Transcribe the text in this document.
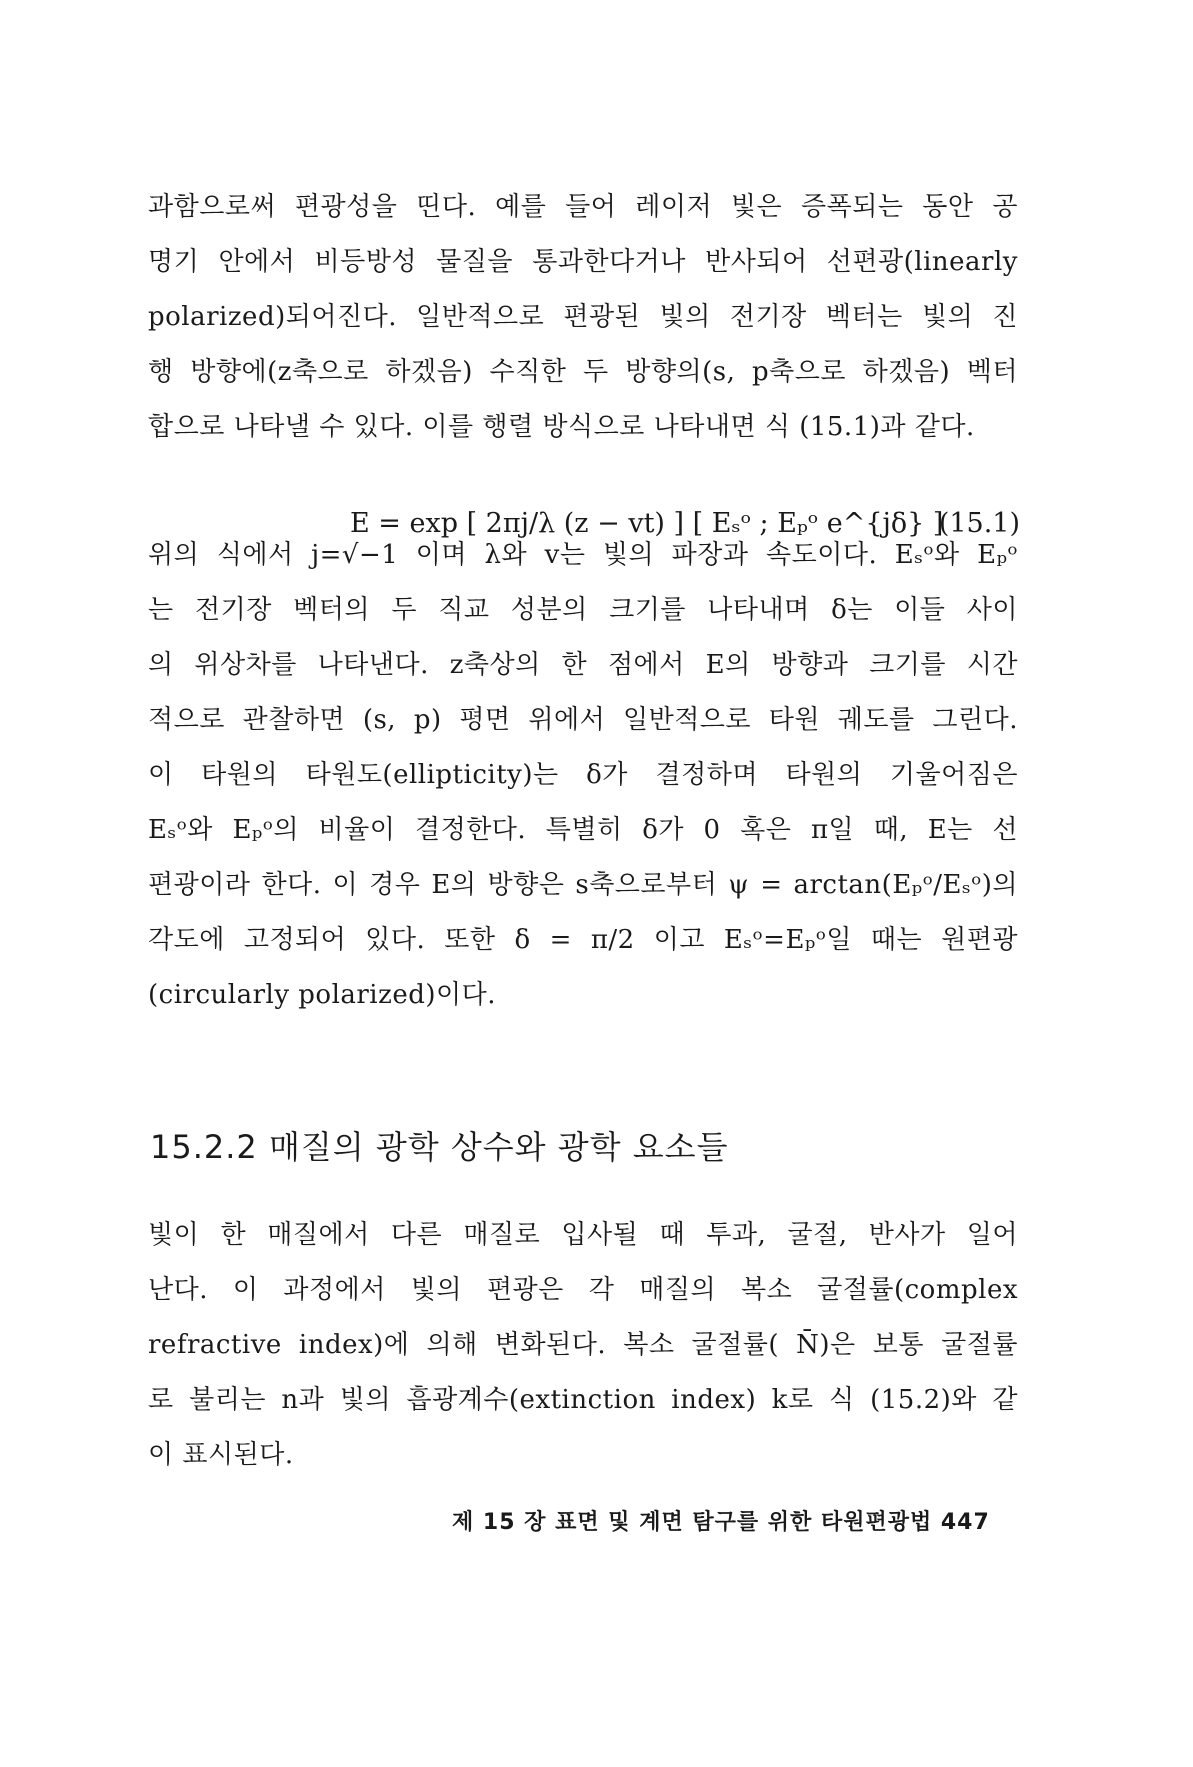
과함으로써 편광성을 띤다. 예를 들어 레이저 빛은 증폭되는 동안 공
명기 안에서 비등방성 물질을 통과한다거나 반사되어 선편광(linearly
polarized)되어진다. 일반적으로 편광된 빛의 전기장 벡터는 빛의 진
행 방향에(z축으로 하겠음) 수직한 두 방향의(s, p축으로 하겠음) 벡터
합으로 나타낼 수 있다. 이를 행렬 방식으로 나타내면 식 (15.1)과 같다.
E = exp [ 2πj/λ (z − vt) ] [ Eₛᵒ ; Eₚᵒ e^{jδ} ]
(15.1)
위의 식에서 j=√−1 이며 λ와 v는 빛의 파장과 속도이다. Eₛᵒ와 Eₚᵒ
는 전기장 벡터의 두 직교 성분의 크기를 나타내며 δ는 이들 사이
의 위상차를 나타낸다. z축상의 한 점에서 E의 방향과 크기를 시간
적으로 관찰하면 (s, p) 평면 위에서 일반적으로 타원 궤도를 그린다.
이 타원의 타원도(ellipticity)는 δ가 결정하며 타원의 기울어짐은
Eₛᵒ와 Eₚᵒ의 비율이 결정한다. 특별히 δ가 0 혹은 π일 때, E는 선
편광이라 한다. 이 경우 E의 방향은 s축으로부터 ψ = arctan(Eₚᵒ/Eₛᵒ)의
각도에 고정되어 있다. 또한 δ = π/2 이고 Eₛᵒ=Eₚᵒ일 때는 원편광
(circularly polarized)이다.
15.2.2 매질의 광학 상수와 광학 요소들
빛이 한 매질에서 다른 매질로 입사될 때 투과, 굴절, 반사가 일어
난다. 이 과정에서 빛의 편광은 각 매질의 복소 굴절률(complex
refractive index)에 의해 변화된다. 복소 굴절률( N̄)은 보통 굴절률
로 불리는 n과 빛의 흡광계수(extinction index) k로 식 (15.2)와 같
이 표시된다.
제 15 장 표면 및 계면 탐구를 위한 타원편광법 447
